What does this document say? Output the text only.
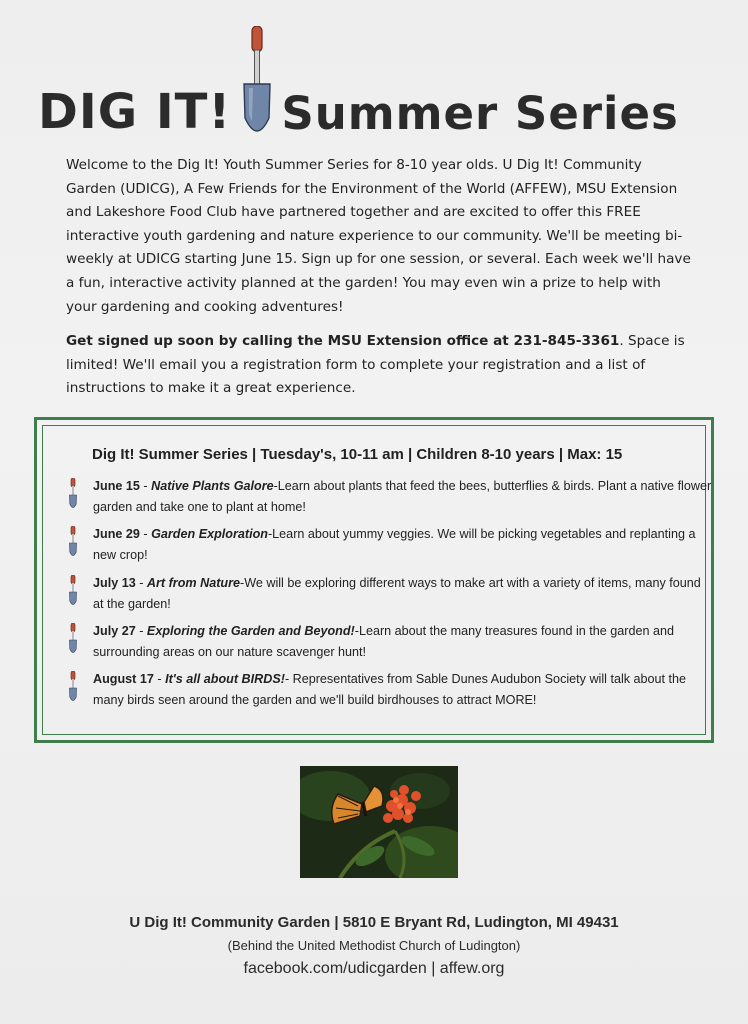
DIG IT! Summer Series

Welcome to the Dig It! Youth Summer Series for 8-10 year olds. U Dig It! Community Garden (UDICG), A Few Friends for the Environment of the World (AFFEW), MSU Extension and Lakeshore Food Club have partnered together and are excited to offer this FREE interactive youth gardening and nature experience to our community. We'll be meeting bi-weekly at UDICG starting June 15. Sign up for one session, or several. Each week we'll have a fun, interactive activity planned at the garden! You may even win a prize to help with your gardening and cooking adventures!

Get signed up soon by calling the MSU Extension office at 231-845-3361. Space is limited! We'll email you a registration form to complete your registration and a list of instructions to make it a great experience.

Dig It! Summer Series | Tuesday's, 10-11 am | Children 8-10 years | Max: 15
June 15 - Native Plants Galore-Learn about plants that feed the bees, butterflies & birds. Plant a native flower garden and take one to plant at home!
June 29 - Garden Exploration-Learn about yummy veggies. We will be picking vegetables and replanting a new crop!
July 13 - Art from Nature-We will be exploring different ways to make art with a variety of items, many found at the garden!
July 27 - Exploring the Garden and Beyond!-Learn about the many treasures found in the garden and surrounding areas on our nature scavenger hunt!
August 17 - It's all about BIRDS!- Representatives from Sable Dunes Audubon Society will talk about the many birds seen around the garden and we'll build birdhouses to attract MORE!
U Dig It! Community Garden | 5810 E Bryant Rd, Ludington, MI 49431
(Behind the United Methodist Church of Ludington)
facebook.com/udicgarden | affew.org
